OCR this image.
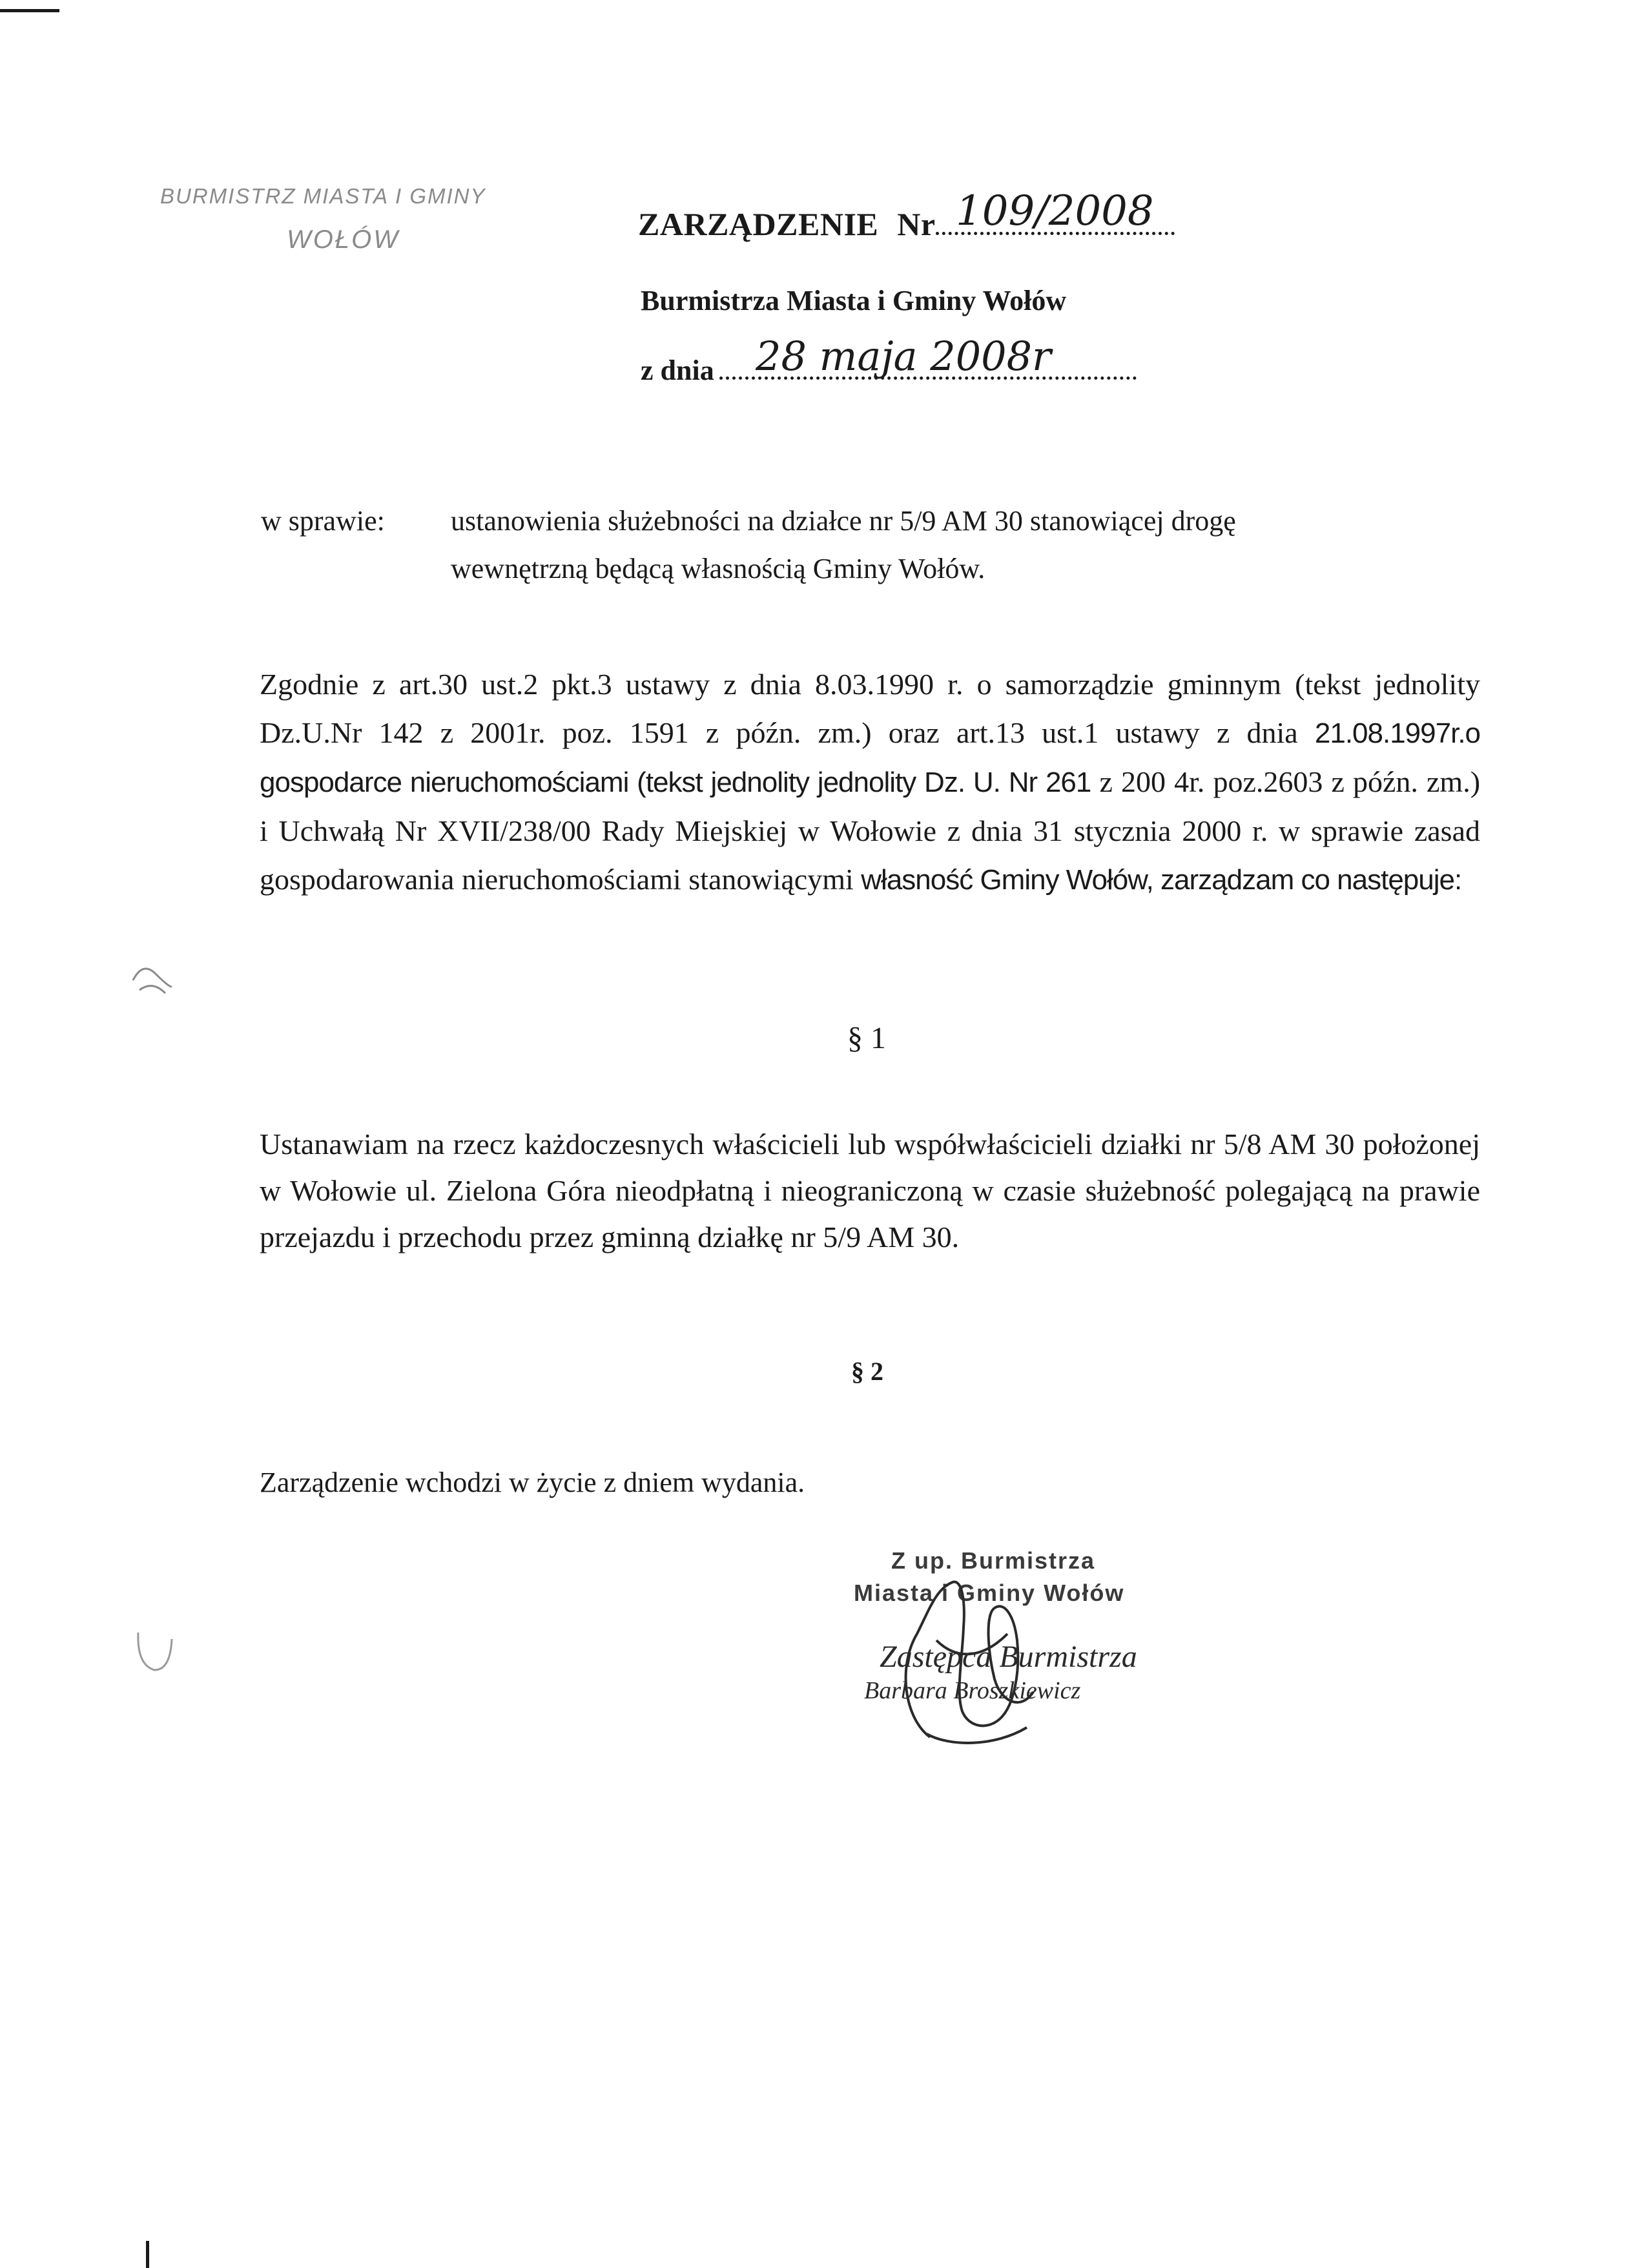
BURMISTRZ MIASTA I GMINY
WOŁÓW	ZARZĄDZENIE Nr 109/2008
Burmistrza Miasta i Gminy Wołów
z dnia	28 maja 2008r
w sprawie: ustanowienia służebności na działce nr 5/9 AM 30 stanowiącej drogę
wewnętrzną będącą własnością Gminy Wołów.
Zgodnie z art.30 ust.2 pkt.3 ustawy z dnia 8.03.1990 r. o samorządzie gminnym (tekst jednolity Dz.U.Nr 142 z 2001r. poz. 1591 z późn. zm.) oraz art.13 ust.1 ustawy z dnia 21.08.1997r.o gospodarce nieruchomościami (tekst jednolity jednolity Dz. U. Nr 261 z 200 4r. poz.2603 z późn. zm.) i Uchwałą Nr XVII/238/00 Rady Miejskiej w Wołowie z dnia 31 stycznia 2000 r. w sprawie zasad gospodarowania nieruchomościami stanowiącymi własność Gminy Wołów, zarządzam co następuje:
§ 1
Ustanawiam na rzecz każdoczesnych właścicieli lub współwłaścicieli działki nr 5/8 AM 30 położonej w Wołowie ul. Zielona Góra nieodpłatną i nieograniczoną w czasie służebność polegającą na prawie przejazdu i przechodu przez gminną działkę nr 5/9 AM 30.
§ 2
Zarządzenie wchodzi w życie z dniem wydania.
Z up. Burmistrza
Miasta i Gminy Wołów
Zastępca Burmistrza
Barbara Broszkiewicz
